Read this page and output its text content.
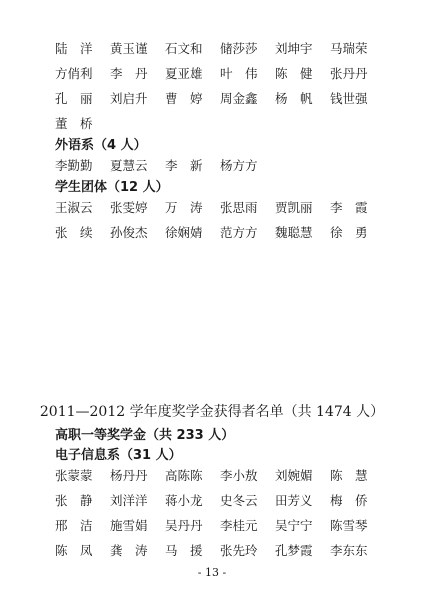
陆　洋	黄玉谨	石文和	储莎莎	刘坤宇	马瑞荣
方俏利	李　丹	夏亚雄	叶　伟	陈　健	张丹丹
孔　丽	刘启升	曹　婷	周金鑫	杨　帆	钱世强
董　桥
外语系（4 人）
李勤勤	夏慧云	李　新	杨方方
学生团体（12 人）
王淑云	张雯婷	万　涛	张思雨	贾凯丽	李　霞
张　续	孙俊杰	徐娴婧	范方方	魏聪慧	徐　勇
2011—2012 学年度奖学金获得者名单（共 1474 人）
高职一等奖学金（共 233 人）
电子信息系（31 人）
张蒙蒙	杨丹丹	高陈陈	李小敖	刘婉媚	陈　慧
张　静	刘洋洋	蒋小龙	史冬云	田芳义	梅　侨
邢　洁	施雪娟	吴丹丹	李桂元	吴宁宁	陈雪琴
陈　凤	龚　涛	马　援	张先玲	孔梦霞	李东东
- 13 -
